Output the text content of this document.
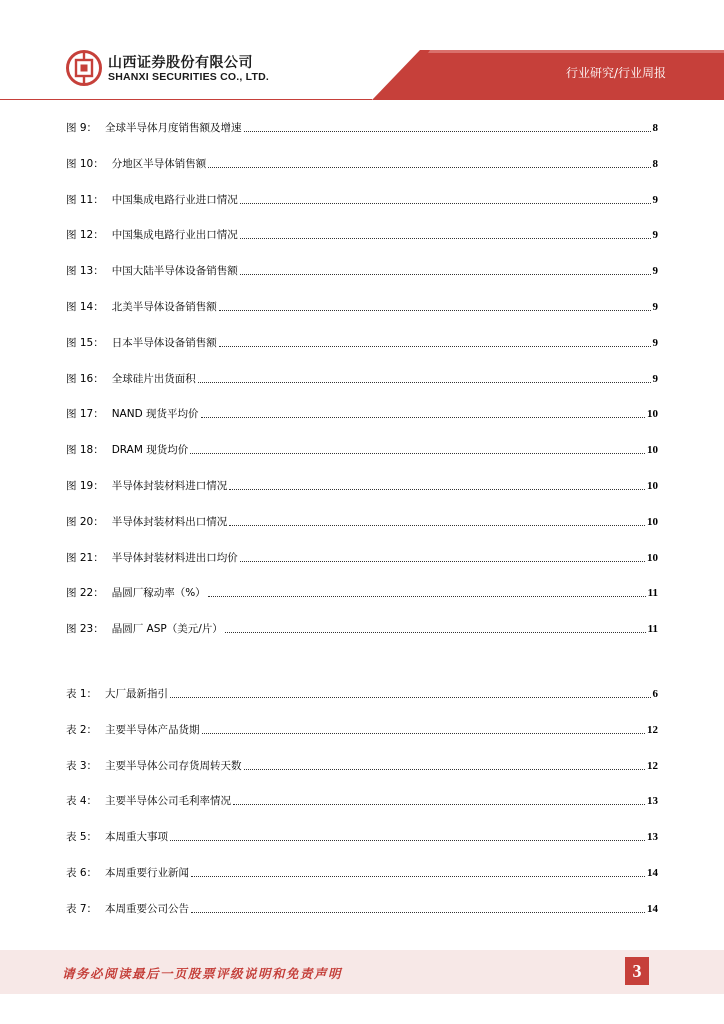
山西证券股份有限公司
SHANXI SECURITIES CO., LTD.	行业研究/行业周报
图 9： 全球半导体月度销售额及增速	8
图 10： 分地区半导体销售额	8
图 11： 中国集成电路行业进口情况	9
图 12： 中国集成电路行业出口情况	9
图 13： 中国大陆半导体设备销售额	9
图 14： 北美半导体设备销售额	9
图 15： 日本半导体设备销售额	9
图 16： 全球硅片出货面积	9
图 17： NAND 现货平均价	10
图 18： DRAM 现货均价	10
图 19： 半导体封装材料进口情况	10
图 20： 半导体封装材料出口情况	10
图 21： 半导体封装材料进出口均价	10
图 22： 晶圆厂稼动率（%）	11
图 23： 晶圆厂 ASP（美元/片）	11
表 1： 大厂最新指引	6
表 2： 主要半导体产品货期	12
表 3： 主要半导体公司存货周转天数	12
表 4： 主要半导体公司毛利率情况	13
表 5： 本周重大事项	13
表 6： 本周重要行业新闻	14
表 7： 本周重要公司公告	14
请务必阅读最后一页股票评级说明和免责声明	3
